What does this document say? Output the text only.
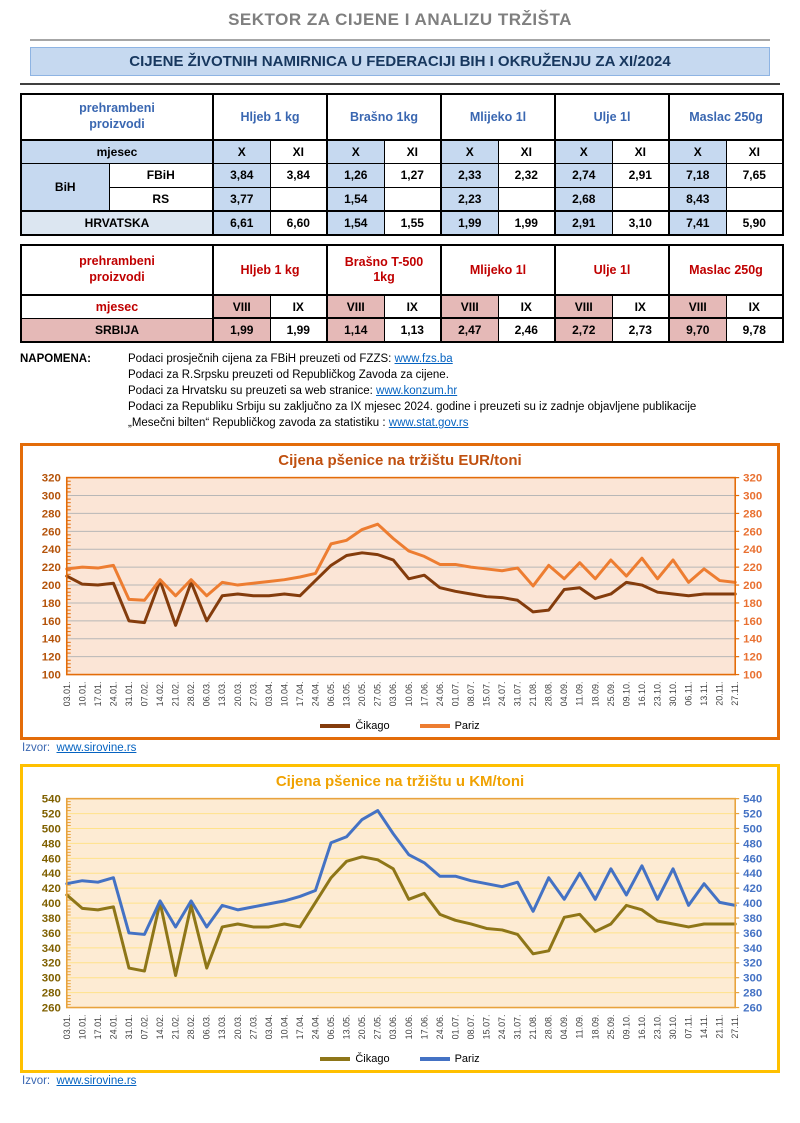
SEKTOR ZA CIJENE I ANALIZU TRŽIŠTA
CIJENE ŽIVOTNIH NAMIRNICA U FEDERACIJI BIH I OKRUŽENJU ZA XI/2024
prehrambeni proizvodi		Hljeb 1 kg		Brašno 1kg		Mlijeko 1l		Ulje 1l		Maslac 250g	
mjesec		X	XI	X	XI	X	XI	X	XI	X	XI
BiH	FBiH	3,84	3,84	1,26	1,27	2,33	2,32	2,74	2,91	7,18	7,65
	RS	3,77		1,54		2,23		2,68		8,43	
HRVATSKA		6,61	6,60	1,54	1,55	1,99	1,99	2,91	3,10	7,41	5,90
prehrambeni proizvodi	Hljeb 1 kg		Brašno T-500 1kg		Mlijeko 1l		Ulje 1l		Maslac 250g	
mjesec	VIII	IX	VIII	IX	VIII	IX	VIII	IX	VIII	IX
SRBIJA	1,99	1,99	1,14	1,13	2,47	2,46	2,72	2,73	9,70	9,78
NAPOMENA:	Podaci prosječnih cijena za FBiH preuzeti od FZZS: www.fzs.ba
Podaci za R.Srpsku preuzeti od Republičkog Zavoda za cijene.
Podaci za Hrvatsku su preuzeti sa web stranice: www.konzum.hr
Podaci za Republiku Srbiju su zaključno za IX mjesec 2024. godine i preuzeti su iz zadnje objavljene publikacije
„Mesečni bilten“ Republičkog zavoda za statistiku : www.stat.gov.rs
Cijena pšenice na tržištu EUR/toni
320	320
300	300
280	280
260	260
240	240
220	220
200	200
180	180
160	160
140	140
120	120
100	100
03.01. 10.01. 17.01. 24.01. 31.01. 07.02. 14.02. 21.02. 28.02. 06.03. 13.03. 20.03. 27.03. 03.04. 10.04. 17.04. 24.04. 06.05. 13.05. 20.05. 27.05. 03.06. 10.06. 17.06. 24.06. 01.07. 08.07. 15.07. 24.07. 31.07. 21.08. 28.08. 04.09. 11.09. 18.09. 25.09. 09.10. 16.10. 23.10. 30.10. 06.11. 13.11. 20.11. 27.11.
Čikago	Pariz
Izvor: www.sirovine.rs
Cijena pšenice na tržištu u KM/toni
540	540
520	520
500	500
480	480
460	460
440	440
420	420
400	400
380	380
360	360
340	340
320	320
300	300
280	280
260	260
03.01. 10.01. 17.01. 24.01. 31.01. 07.02. 14.02. 21.02. 28.02. 06.03. 13.03. 20.03. 27.03. 03.04. 10.04. 17.04. 24.04. 06.05. 13.05. 20.05. 27.05. 03.06. 10.06. 17.06. 24.06. 01.07. 08.07. 15.07. 24.07. 31.07. 21.08. 28.08. 04.09. 11.09. 18.09. 25.09. 09.10. 16.10. 23.10. 30.10. 07.11. 14.11. 21.11. 27.11.
Čikago	Pariz
Izvor: www.sirovine.rs
